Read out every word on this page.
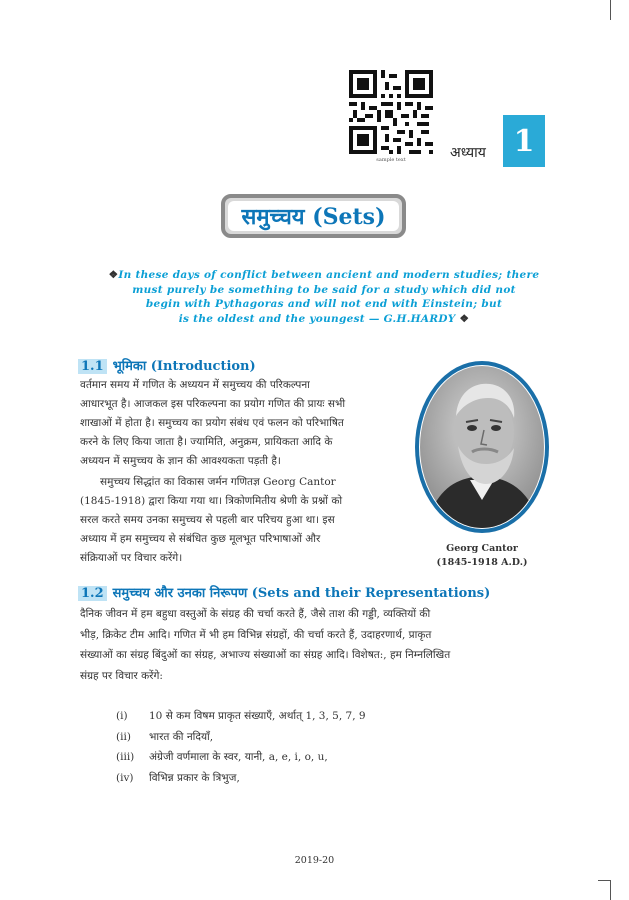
sample text	अध्याय 1
समुच्चय (Sets)
❖In these days of conflict between ancient and modern studies; there
must purely be something to be said for a study which did not
begin with Pythagoras and will not end with Einstein; but
is the oldest and the youngest — G.H.HARDY ❖
1.1 भूमिका (Introduction)
वर्तमान समय में गणित के अध्ययन में समुच्चय की परिकल्पना
आधारभूत है। आजकल इस परिकल्पना का प्रयोग गणित की प्रायः सभी
शाखाओं में होता है। समुच्चय का प्रयोग संबंध एवं फलन को परिभाषित
करने के लिए किया जाता है। ज्यामिति, अनुक्रम, प्रायिकता आदि के
अध्ययन में समुच्चय के ज्ञान की आवश्यकता पड़ती है।
समुच्चय सिद्धांत का विकास जर्मन गणितज्ञ Georg Cantor
(1845-1918) द्वारा किया गया था। त्रिकोणमितीय श्रेणी के प्रश्नों को
सरल करते समय उनका समुच्चय से पहली बार परिचय हुआ था। इस
अध्याय में हम समुच्चय से संबंधित कुछ मूलभूत परिभाषाओं और
संक्रियाओं पर विचार करेंगे।
Georg Cantor
(1845-1918 A.D.)
1.2 समुच्चय और उनका निरूपण (Sets and their Representations)
दैनिक जीवन में हम बहुधा वस्तुओं के संग्रह की चर्चा करते हैं, जैसे ताश की गड्डी, व्यक्तियों की
भीड़, क्रिकेट टीम आदि। गणित में भी हम विभिन्न संग्रहों, की चर्चा करते हैं, उदाहरणार्थ, प्राकृत
संख्याओं का संग्रह बिंदुओं का संग्रह, अभाज्य संख्याओं का संग्रह आदि। विशेषत:, हम निम्नलिखित
संग्रह पर विचार करेंगे:
(i)	10 से कम विषम प्राकृत संख्याएँ, अर्थात् 1, 3, 5, 7, 9
(ii)	भारत की नदियाँ,
(iii)	अंग्रेजी वर्णमाला के स्वर, यानी, a, e, i, o, u,
(iv)	विभिन्न प्रकार के त्रिभुज,
2019-20
